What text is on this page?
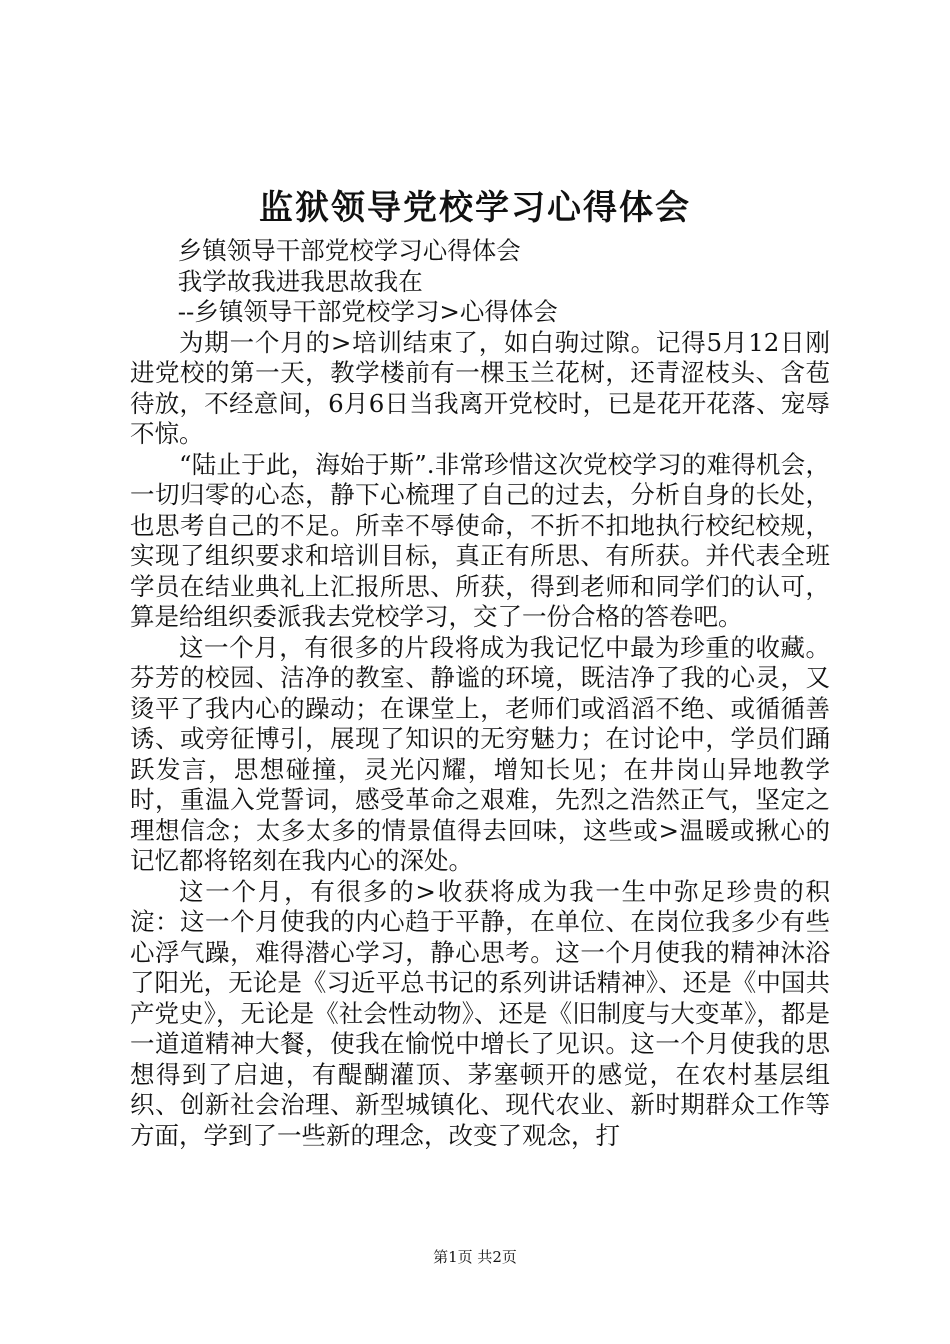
监狱领导党校学习心得体会

乡镇领导干部党校学习心得体会

我学故我进我思故我在

--乡镇领导干部党校学习>心得体会

为期一个月的>培训结束了，如白驹过隙。记得5月12日刚进党校的第一天，教学楼前有一棵玉兰花树，还青涩枝头、含苞待放，不经意间，6月6日当我离开党校时，已是花开花落、宠辱不惊。

“陆止于此，海始于斯”.非常珍惜这次党校学习的难得机会，一切归零的心态，静下心梳理了自己的过去，分析自身的长处，也思考自己的不足。所幸不辱使命，不折不扣地执行校纪校规，实现了组织要求和培训目标，真正有所思、有所获。并代表全班学员在结业典礼上汇报所思、所获，得到老师和同学们的认可，算是给组织委派我去党校学习，交了一份合格的答卷吧。

这一个月，有很多的片段将成为我记忆中最为珍重的收藏。芬芳的校园、洁净的教室、静谧的环境，既洁净了我的心灵，又烫平了我内心的躁动；在课堂上，老师们或滔滔不绝、或循循善诱、或旁征博引，展现了知识的无穷魅力；在讨论中，学员们踊跃发言，思想碰撞，灵光闪耀，增知长见；在井岗山异地教学时，重温入党誓词，感受革命之艰难，先烈之浩然正气，坚定之理想信念；太多太多的情景值得去回味，这些或>温暖或揪心的记忆都将铭刻在我内心的深处。

这一个月，有很多的>收获将成为我一生中弥足珍贵的积淀：这一个月使我的内心趋于平静，在单位、在岗位我多少有些心浮气躁，难得潜心学习，静心思考。这一个月使我的精神沐浴了阳光，无论是《习近平总书记的系列讲话精神》、还是《中国共产党史》，无论是《社会性动物》、还是《旧制度与大变革》，都是一道道精神大餐，使我在愉悦中增长了见识。这一个月使我的思想得到了启迪，有醍醐灌顶、茅塞顿开的感觉，在农村基层组织、创新社会治理、新型城镇化、现代农业、新时期群众工作等方面，学到了一些新的理念，改变了观念，打

第1页 共2页
